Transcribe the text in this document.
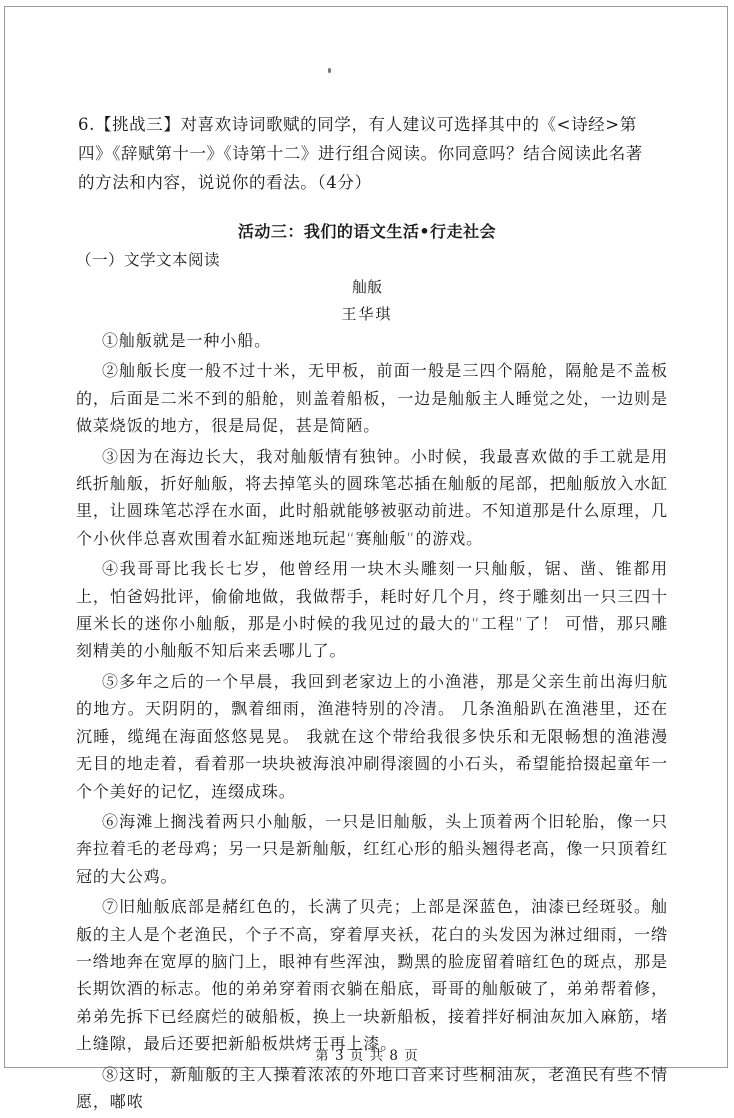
6.【挑战三】对喜欢诗词歌赋的同学，有人建议可选择其中的《<诗经>第四》《辞赋第十一》《诗第十二》进行组合阅读。你同意吗？结合阅读此名著的方法和内容，说说你的看法。（4分）

活动三：我们的语文生活•行走社会
（一）文学文本阅读
舢舨
王华琪

①舢舨就是一种小船。

②舢舨长度一般不过十米，无甲板，前面一般是三四个隔舱，隔舱是不盖板的，后面是二米不到的船舱，则盖着船板，一边是舢舨主人睡觉之处，一边则是做菜烧饭的地方，很是局促，甚是简陋。

③因为在海边长大，我对舢舨情有独钟。小时候，我最喜欢做的手工就是用纸折舢舨，折好舢舨，将去掉笔头的圆珠笔芯插在舢舨的尾部，把舢舨放入水缸里，让圆珠笔芯浮在水面，此时船就能够被驱动前进。不知道那是什么原理，几个小伙伴总喜欢围着水缸痴迷地玩起“赛舢舨”的游戏。

④我哥哥比我长七岁，他曾经用一块木头雕刻一只舢舨，锯、凿、锥都用上，怕爸妈批评，偷偷地做，我做帮手，耗时好几个月，终于雕刻出一只三四十厘米长的迷你小舢舨，那是小时候的我见过的最大的“工程”了！ 可惜，那只雕刻精美的小舢舨不知后来丢哪儿了。

⑤多年之后的一个早晨，我回到老家边上的小渔港，那是父亲生前出海归航的地方。天阴阴的，飘着细雨，渔港特别的冷清。 几条渔船趴在渔港里，还在沉睡，缆绳在海面悠悠晃晃。 我就在这个带给我很多快乐和无限畅想的渔港漫无目的地走着，看着那一块块被海浪冲刷得滚圆的小石头，希望能拾掇起童年一个个美好的记忆，连缀成珠。

⑥海滩上搁浅着两只小舢舨，一只是旧舢舨，头上顶着两个旧轮胎，像一只奔拉着毛的老母鸡；另一只是新舢舨，红红心形的船头翘得老高，像一只顶着红冠的大公鸡。

⑦旧舢舨底部是赭红色的，长满了贝壳；上部是深蓝色，油漆已经斑驳。舢舨的主人是个老渔民，个子不高，穿着厚夹袄，花白的头发因为淋过细雨，一绺一绺地奔在宽厚的脑门上，眼神有些浑浊，黝黑的脸庞留着暗红色的斑点，那是长期饮酒的标志。他的弟弟穿着雨衣躺在船底，哥哥的舢舨破了，弟弟帮着修，弟弟先拆下已经腐烂的破船板，换上一块新船板，接着拌好桐油灰加入麻筋，堵上缝隙，最后还要把新船板烘烤干再上漆。

⑧这时，新舢舨的主人操着浓浓的外地口音来讨些桐油灰，老渔民有些不情愿，嘟哝

第 3 页 共 8 页
